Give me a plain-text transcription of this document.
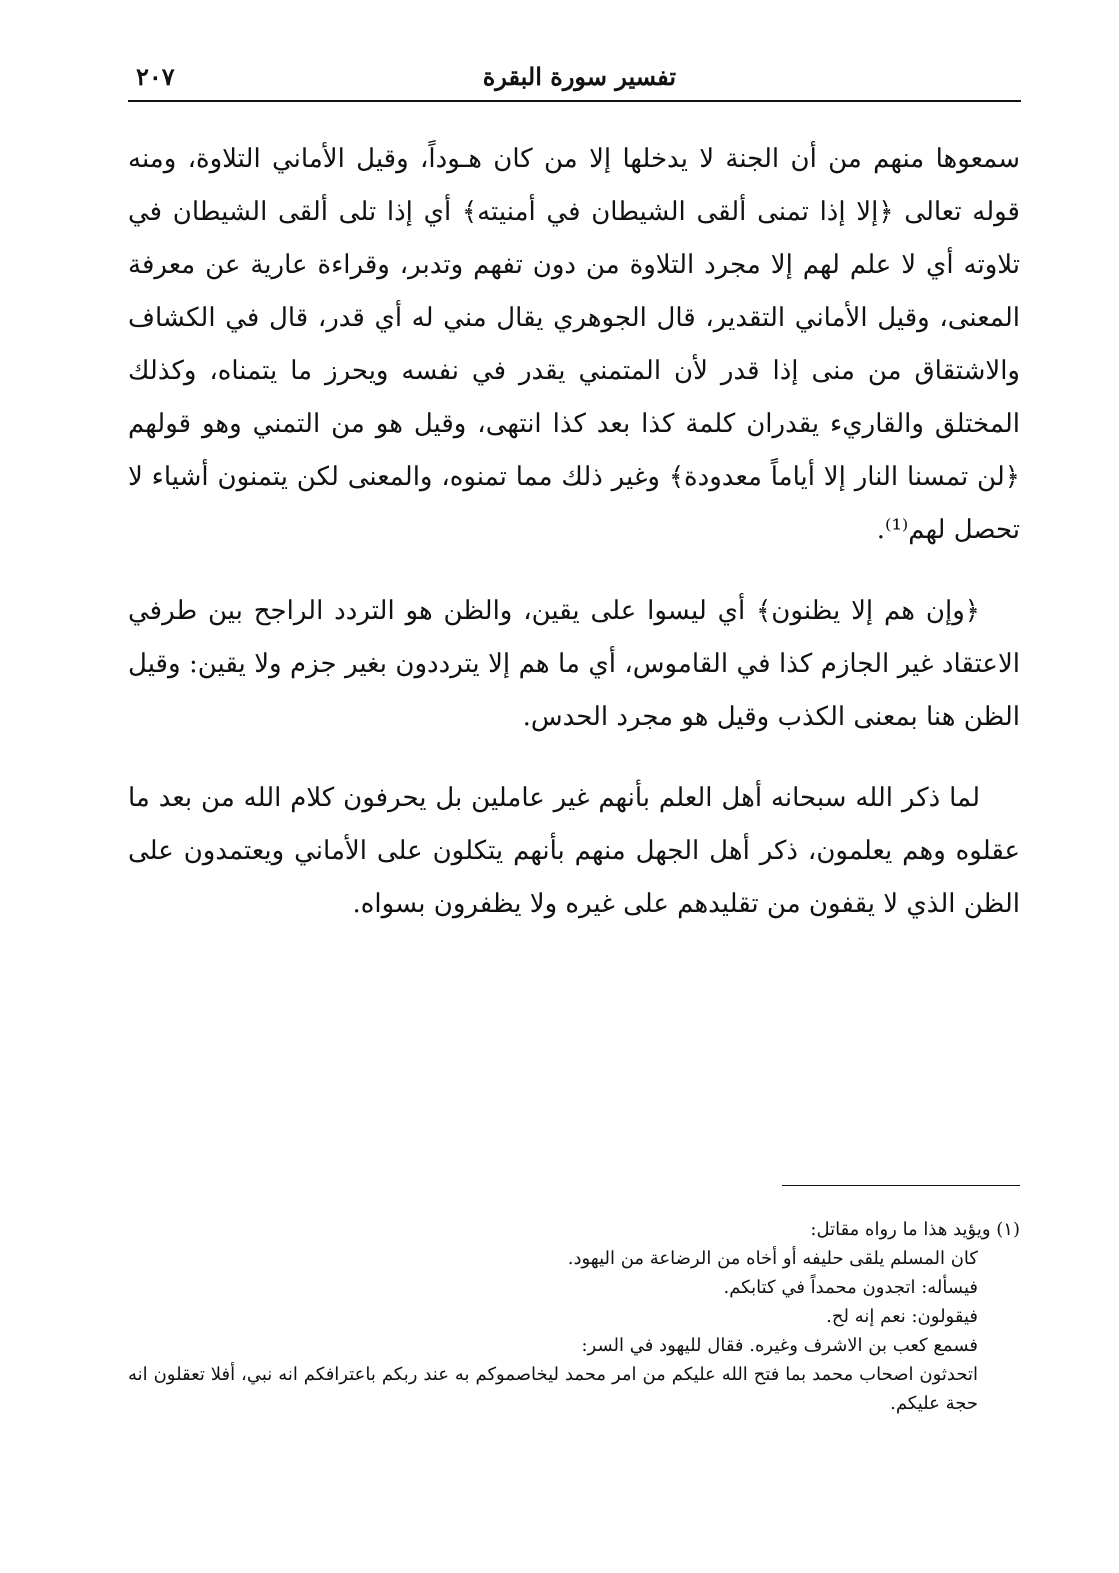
تفسير سورة البقرة
٢٠٧

سمعوها منهم من أن الجنة لا يدخلها إلا من كان هـوداً، وقيل الأماني التلاوة، ومنه قوله تعالى ﴿إلا إذا تمنى ألقى الشيطان في أمنيته﴾ أي إذا تلى ألقى الشيطان في تلاوته أي لا علم لهم إلا مجرد التلاوة من دون تفهم وتدبر، وقراءة عارية عن معرفة المعنى، وقيل الأماني التقدير، قال الجوهري يقال مني له أي قدر، قال في الكشاف والاشتقاق من منى إذا قدر لأن المتمني يقدر في نفسه ويحرز ما يتمناه، وكذلك المختلق والقاريء يقدران كلمة كذا بعد كذا انتهى، وقيل هو من التمني وهو قولهم ﴿لن تمسنا النار إلا أياماً معدودة﴾ وغير ذلك مما تمنوه، والمعنى لكن يتمنون أشياء لا تحصل لهم⁽¹⁾.

﴿وإن هم إلا يظنون﴾ أي ليسوا على يقين، والظن هو التردد الراجح بين طرفي الاعتقاد غير الجازم كذا في القاموس، أي ما هم إلا يترددون بغير جزم ولا يقين: وقيل الظن هنا بمعنى الكذب وقيل هو مجرد الحدس.

لما ذكر الله سبحانه أهل العلم بأنهم غير عاملين بل يحرفون كلام الله من بعد ما عقلوه وهم يعلمون، ذكر أهل الجهل منهم بأنهم يتكلون على الأماني ويعتمدون على الظن الذي لا يقفون من تقليدهم على غيره ولا يظفرون بسواه.

(١) ويؤيد هذا ما رواه مقاتل:

كان المسلم يلقى حليفه أو أخاه من الرضاعة من اليهود.

فيسأله: اتجدون محمداً في كتابكم.

فيقولون: نعم إنه لح.

فسمع كعب بن الاشرف وغيره. فقال لليهود في السر:

اتحدثون اصحاب محمد بما فتح الله عليكم من امر محمد ليخاصموكم به عند ربكم باعترافكم انه نبي، أفلا تعقلون انه حجة عليكم.
